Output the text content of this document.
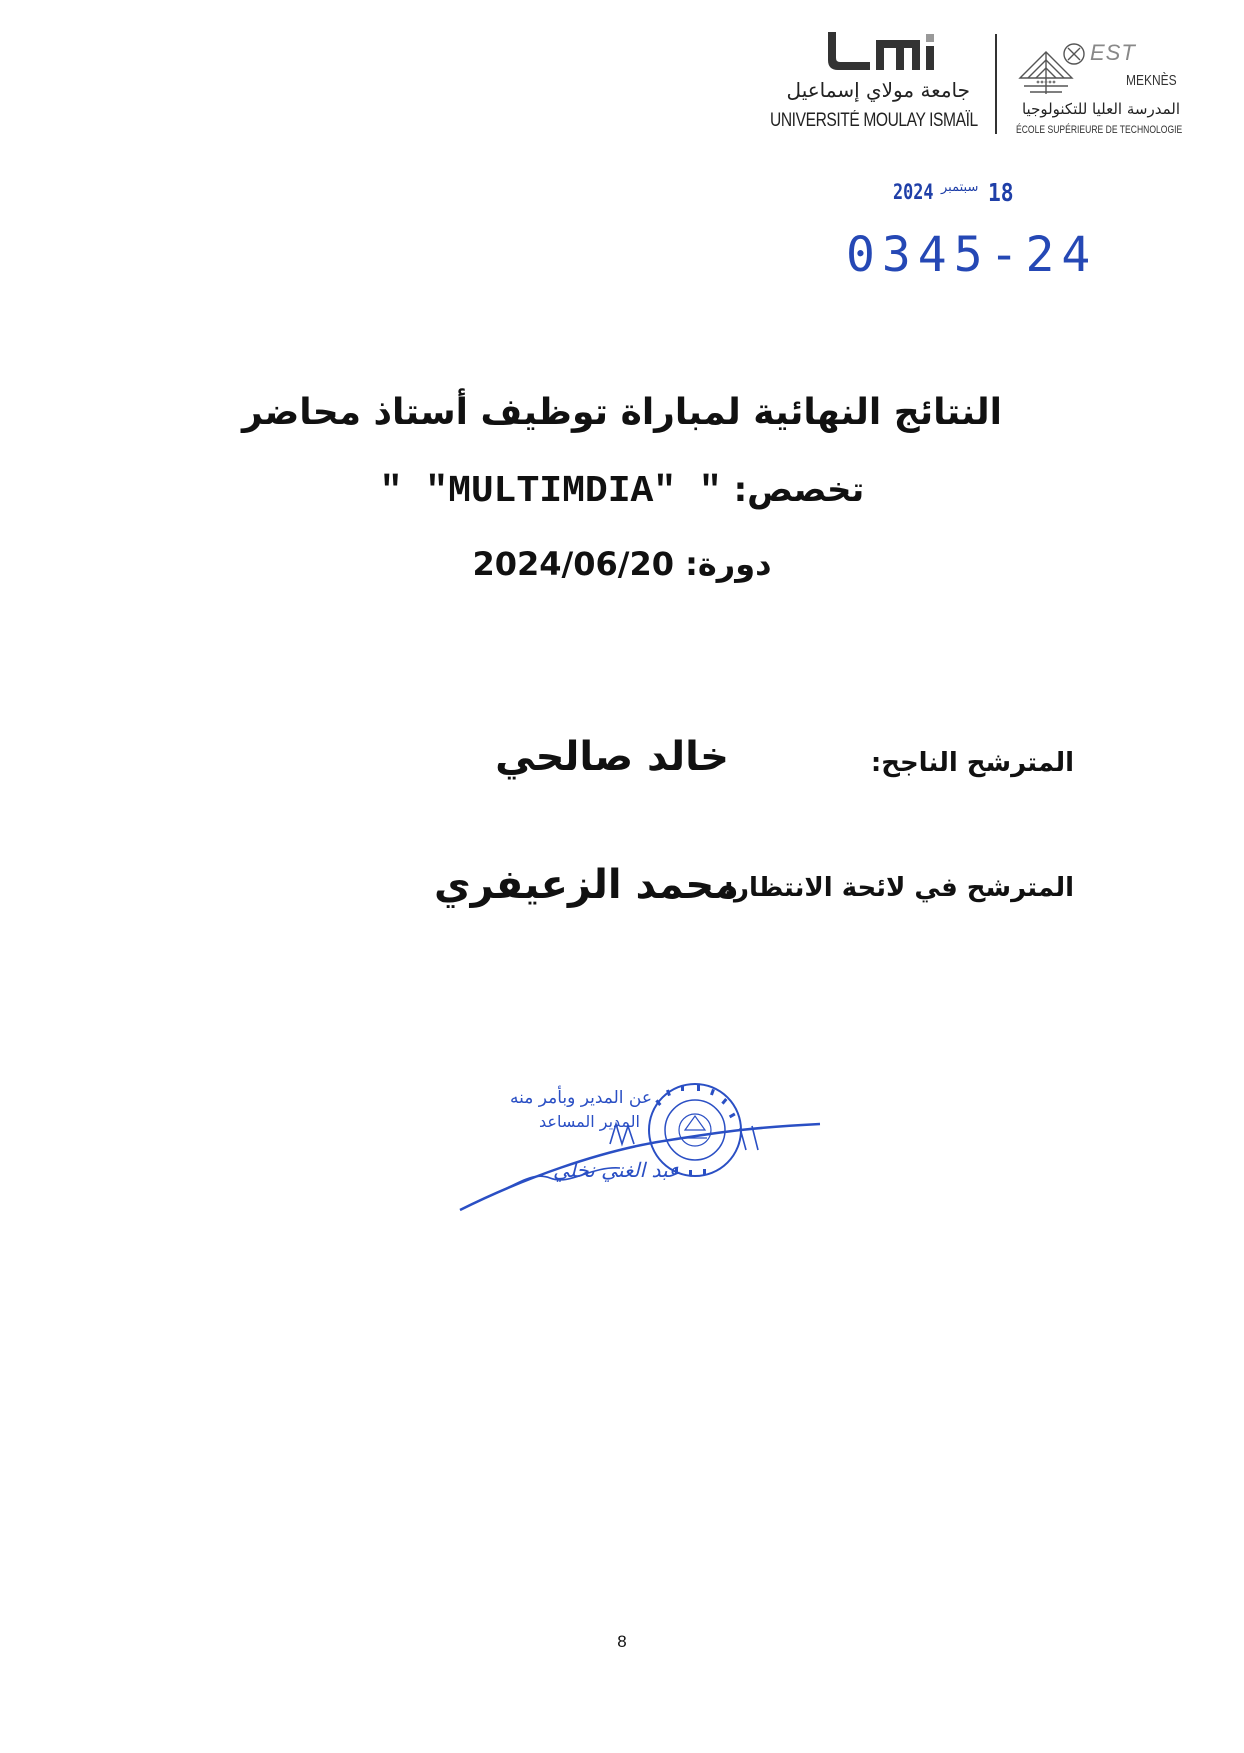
جامعة مولاي إسماعيل
UNIVERSITÉ MOULAY ISMAÏL
EST
MEKNÈS
المدرسة العليا للتكنولوجيا
ÉCOLE SUPÉRIEURE DE TECHNOLOGIE
2024 سبتمبر 18
0345-24
النتائج النهائية لمباراة توظيف أستاذ محاضر
تخصص: " "MULTIMDIA" "
دورة: 2024/06/20
المترشح الناجح:
خالد صالحي
المترشح في لائحة الانتظار:
محمد الزعيفري
عن المدير وبأمر منه
المدير المساعد
عبد الغني نخلي
8
